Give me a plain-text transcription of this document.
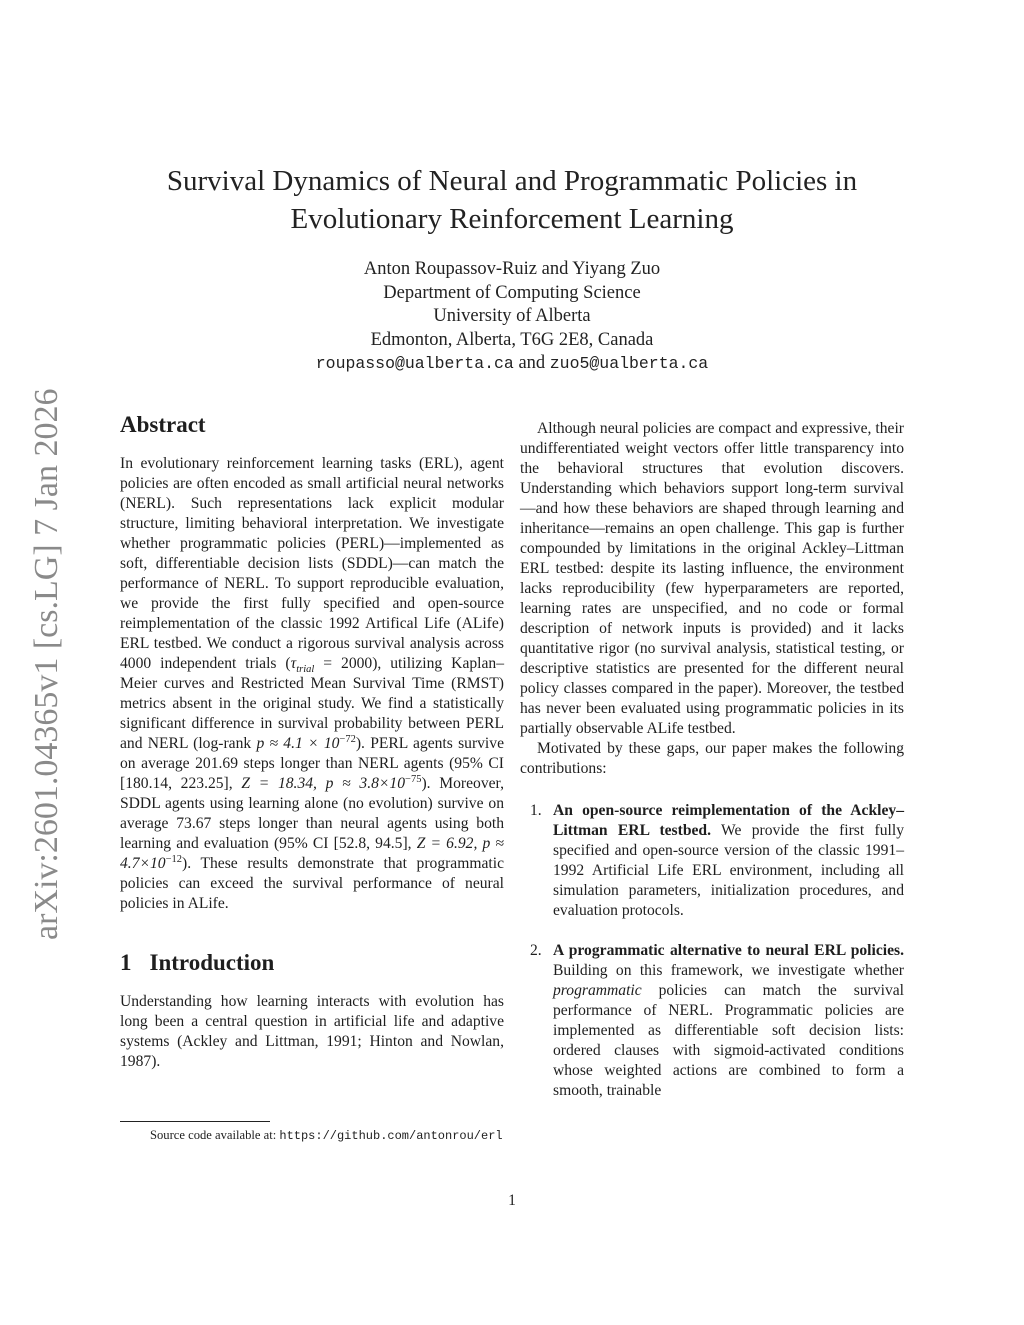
arXiv:2601.04365v1 [cs.LG] 7 Jan 2026
Survival Dynamics of Neural and Programmatic Policies in
Evolutionary Reinforcement Learning
Anton Roupassov-Ruiz and Yiyang Zuo
Department of Computing Science
University of Alberta
Edmonton, Alberta, T6G 2E8, Canada
roupasso@ualberta.ca and zuo5@ualberta.ca
Abstract

In evolutionary reinforcement learning tasks (ERL), agent policies are often encoded as small artificial neural networks (NERL). Such representations lack explicit modular structure, limiting behavioral interpretation. We investigate whether programmatic policies (PERL)—implemented as soft, differentiable decision lists (SDDL)—can match the performance of NERL. To support reproducible evaluation, we provide the first fully specified and open-source reimplementation of the classic 1992 Artifical Life (ALife) ERL testbed. We conduct a rigorous survival analysis across 4000 independent trials $(\tau_{trial} = 2000)$, utilizing Kaplan–Meier curves and Restricted Mean Survival Time (RMST) metrics absent in the original study. We find a statistically significant difference in survival probability between PERL and NERL (log-rank $p \approx 4.1 \times 10^{-72}$). PERL agents survive on average 201.69 steps longer than NERL agents (95% CI [180.14, 223.25], Z = 18.34, $p \approx 3.8\times 10^{-75}$). Moreover, SDDL agents using learning alone (no evolution) survive on average 73.67 steps longer than neural agents using both learning and evaluation (95% CI [52.8, 94.5], Z = 6.92, $p \approx 4.7\times 10^{-12}$). These results demonstrate that programmatic policies can exceed the survival performance of neural policies in ALife.

1 Introduction

Understanding how learning interacts with evolution has long been a central question in artificial life and adaptive systems (Ackley and Littman, 1991; Hinton and Nowlan, 1987).

Source code available at: https://github.com/antonrou/erl

Although neural policies are compact and expressive, their undifferentiated weight vectors offer little transparency into the behavioral structures that evolution discovers. Understanding which behaviors support long-term survival—and how these behaviors are shaped through learning and inheritance—remains an open challenge. This gap is further compounded by limitations in the original Ackley–Littman ERL testbed: despite its lasting influence, the environment lacks reproducibility (few hyperparameters are reported, learning rates are unspecified, and no code or formal description of network inputs is provided) and it lacks quantitative rigor (no survival analysis, statistical testing, or descriptive statistics are presented for the different neural policy classes compared in the paper). Moreover, the testbed has never been evaluated using programmatic policies in its partially observable ALife testbed.

Motivated by these gaps, our paper makes the following contributions:

1. An open-source reimplementation of the Ackley–Littman ERL testbed. We provide the first fully specified and open-source version of the classic 1991–1992 Artificial Life ERL environment, including all simulation parameters, initialization procedures, and evaluation protocols.
2. A programmatic alternative to neural ERL policies. Building on this framework, we investigate whether programmatic policies can match the survival performance of NERL. Programmatic policies are implemented as differentiable soft decision lists: ordered clauses with sigmoid-activated conditions whose weighted actions are combined to form a smooth, trainable
1
